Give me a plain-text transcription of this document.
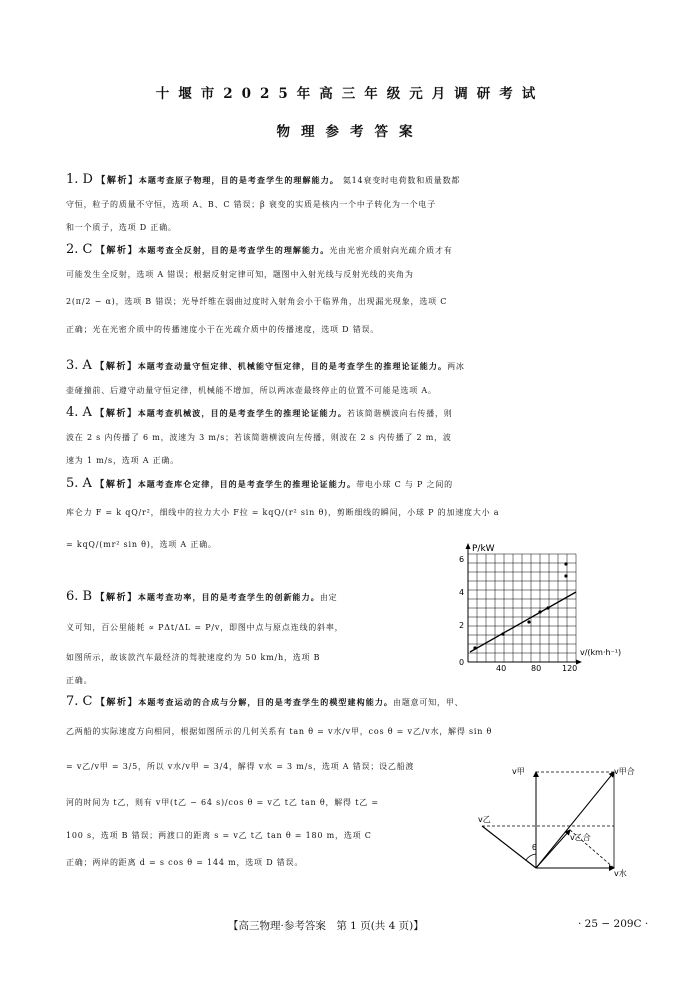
十堰市2025年高三年级元月调研考试
物理参考答案
1. D 【解析】本题考查原子物理，目的是考查学生的理解能力。 氦14衰变时电荷数和质量数都
守恒，粒子的质量不守恒，选项 A、B、C 错误；β 衰变的实质是核内一个中子转化为一个电子
和一个质子，选项 D 正确。
2. C 【解析】本题考查全反射，目的是考查学生的理解能力。光由光密介质射向光疏介质才有
可能发生全反射，选项 A 错误；根据反射定律可知，题图中入射光线与反射光线的夹角为
2(π/2 − α)，选项 B 错误；光导纤维在弱曲过度时入射角会小于临界角，出现漏光现象，选项 C
正确；光在光密介质中的传播速度小于在光疏介质中的传播速度，选项 D 错误。
3. A 【解析】本题考查动量守恒定律、机械能守恒定律，目的是考查学生的推理论证能力。两冰
壶碰撞前、后遵守动量守恒定律，机械能不增加，所以两冰壶最终停止的位置不可能是选项 A。
4. A 【解析】本题考查机械波，目的是考查学生的推理论证能力。若该简谐横波向右传播，则
波在 2 s 内传播了 6 m，波速为 3 m/s；若该简谐横波向左传播，则波在 2 s 内传播了 2 m，波
速为 1 m/s，选项 A 正确。
5. A 【解析】本题考查库仑定律，目的是考查学生的推理论证能力。带电小球 C 与 P 之间的
库仑力 F = k qQ/r²，细线中的拉力大小 F拉 = kqQ/(r² sin θ)，剪断细线的瞬间，小球 P 的加速度大小 a
= kqQ/(mr² sin θ)，选项 A 正确。
6. B 【解析】本题考查功率，目的是考查学生的创新能力。由定
义可知，百公里能耗 ∝ PΔt/ΔL = P/v，即图中点与原点连线的斜率，
如图所示，故该款汽车最经济的驾驶速度约为 50 km/h，选项 B
正确。
P/kW
v/(km·h⁻¹)
0
2
4
6
40	80	120
7. C 【解析】本题考查运动的合成与分解，目的是考查学生的模型建构能力。由题意可知，甲、
乙两船的实际速度方向相同，根据如图所示的几何关系有 tan θ = v水/v甲，cos θ = v乙/v水，解得 sin θ
= v乙/v甲 = 3/5，所以 v水/v甲 = 3/4，解得 v水 = 3 m/s，选项 A 错误；设乙船渡
河的时间为 t乙，则有 v甲(t乙 − 64 s)/cos θ = v乙 t乙 tan θ，解得 t乙 =
100 s，选项 B 错误；两渡口的距离 s = v乙 t乙 tan θ = 180 m，选项 C
正确；两岸的距离 d = s cos θ = 144 m，选项 D 错误。
v甲	v甲合
v乙
v乙合
v水
θ
【高三物理·参考答案　第 1 页(共 4 页)】	· 25 − 209C ·
